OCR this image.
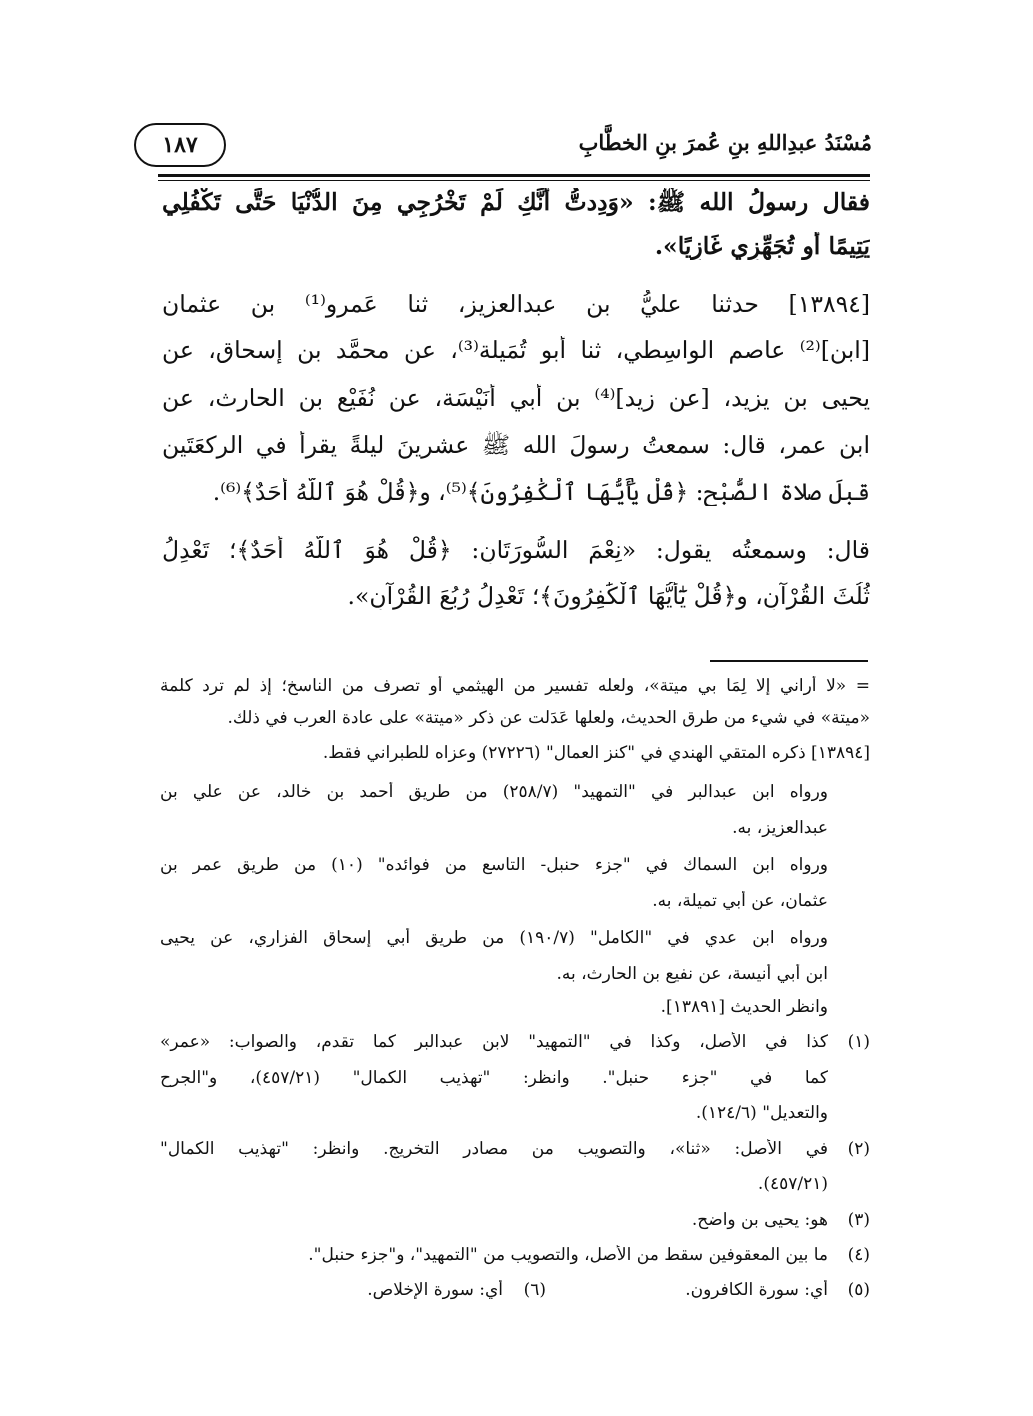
مُسْنَدُ عبدِاللهِ بنِ عُمرَ بنِ الخطَّابِ
١٨٧
فقال رسولُ الله ﷺ: «وَدِدتُّ أَنَّكِ لَمْ تَخْرُجِي مِنَ الدُّنْيَا حَتَّى تَكْفُلِي
يَتِيمًا أو تُجَهِّزِي غَازِيًا».
[١٣٨٩٤] حدثنا عليُّ بن عبدالعزيز، ثنا عَمرو⁽¹⁾ بن عثمان
[ابن]⁽²⁾ عاصم الواسِطي، ثنا أبو تُمَيلة⁽³⁾، عن محمَّد بن إسحاق، عن
يحيى بن يزيد، [عن زيد]⁽⁴⁾ بن أبي أُنَيْسَة، عن نُفَيْع بن الحارث، عن
ابن عمر، قال: سمعتُ رسولَ الله ﷺ عشرينَ ليلةً يقرأ في الركعَتَين
قبلَ صلاة الصُّبْح: ﴿قُلْ يَٰٓأَيُّهَا ٱلْكَٰفِرُونَ﴾⁽⁵⁾، و﴿قُلْ هُوَ ٱللَّهُ أَحَدٌ﴾⁽⁶⁾.
قال: وسمعتُه يقول: «نِعْمَ السُّورَتَانِ: ﴿قُلْ هُوَ ٱللَّهُ أَحَدٌ﴾؛ تَعْدِلُ
ثُلُثَ القُرْآنِ، و﴿قُلْ يَٰٓأَيُّهَا ٱلْكَٰفِرُونَ﴾؛ تَعْدِلُ رُبُعَ القُرْآنِ».
= «لا أراني إلا لِمَا بي ميتة»، ولعله تفسير من الهيثمي أو تصرف من الناسخ؛ إذ لم ترد كلمة
«ميتة» في شيء من طرق الحديث، ولعلها عَدَلت عن ذكر «ميتة» على عادة العرب في ذلك.
[١٣٨٩٤] ذكره المتقي الهندي في "كنز العمال" (٢٧٢٢٦) وعزاه للطبراني فقط.
ورواه ابن عبدالبر في "التمهيد" (٢٥٨/٧) من طريق أحمد بن خالد، عن علي بن
عبدالعزيز، به.
ورواه ابن السماك في "جزء حنبل- التاسع من فوائده" (١٠) من طريق عمر بن
عثمان، عن أبي تميلة، به.
ورواه ابن عدي في "الكامل" (١٩٠/٧) من طريق أبي إسحاق الفزاري، عن يحيى
ابن أبي أنيسة، عن نفيع بن الحارث، به.
وانظر الحديث [١٣٨٩١].
(١)
كذا في الأصل، وكذا في "التمهيد" لابن عبدالبر كما تقدم، والصواب: «عمر»
كما في "جزء حنبل". وانظر: "تهذيب الكمال" (٤٥٧/٢١)، و"الجرح
والتعديل" (١٢٤/٦).
(٢)
في الأصل: «ثنا»، والتصويب من مصادر التخريج. وانظر: "تهذيب الكمال"
(٤٥٧/٢١).
(٣)
هو: يحيى بن واضح.
(٤)
ما بين المعقوفين سقط من الأصل، والتصويب من "التمهيد"، و"جزء حنبل".
(٥)
أي: سورة الكافرون.
(٦)
أي: سورة الإخلاص.
